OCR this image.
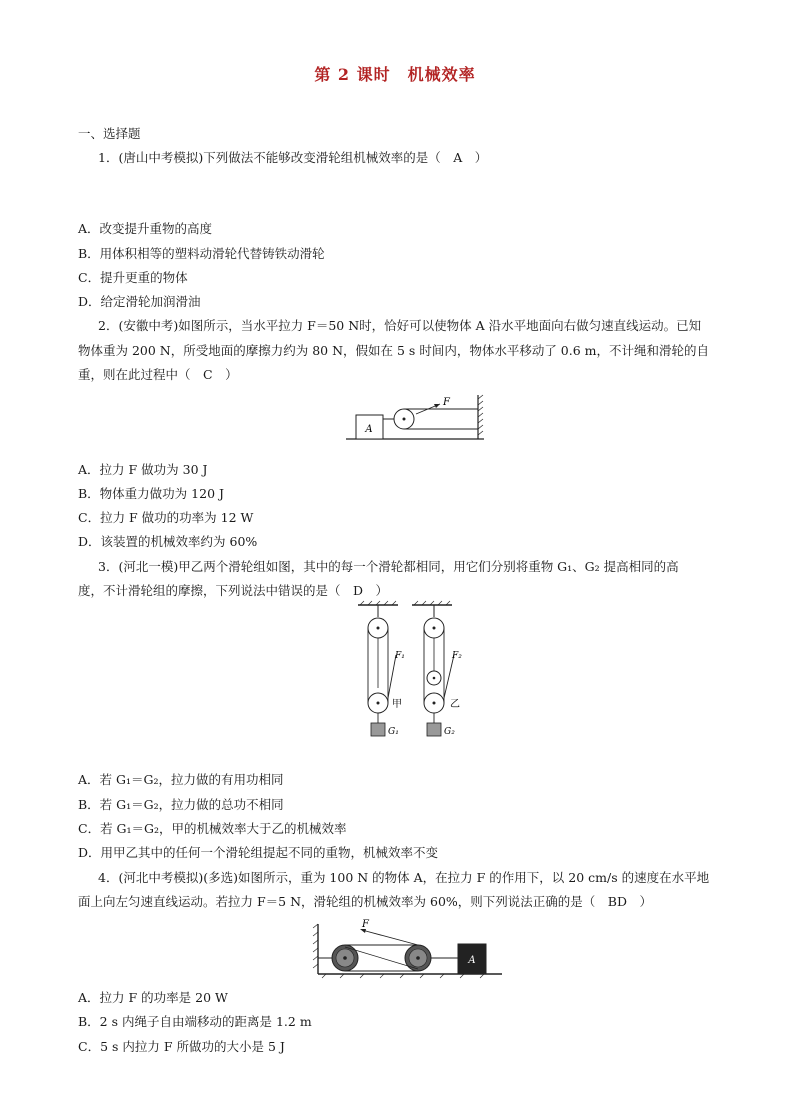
第 2 课时　机械效率
一、选择题
1．(唐山中考模拟)下列做法不能够改变滑轮组机械效率的是（　A　）
A．改变提升重物的高度
B．用体积相等的塑料动滑轮代替铸铁动滑轮
C．提升更重的物体
D．给定滑轮加润滑油
2．(安徽中考)如图所示，当水平拉力 F＝50 N时，恰好可以使物体 A 沿水平地面向右做匀速直线运动。已知
物体重为 200 N，所受地面的摩擦力约为 80 N，假如在 5 s 时间内，物体水平移动了 0.6 m，不计绳和滑轮的自
重，则在此过程中（　C　）
A
F
A．拉力 F 做功为 30 J
B．物体重力做功为 120 J
C．拉力 F 做功的功率为 12 W
D．该装置的机械效率约为 60%
3．(河北一模)甲乙两个滑轮组如图，其中的每一个滑轮都相同，用它们分别将重物 G₁、G₂ 提高相同的高
度，不计滑轮组的摩擦，下列说法中错误的是（　D　）
F₁
甲
G₁
F₂
乙
G₂
A．若 G₁＝G₂，拉力做的有用功相同
B．若 G₁＝G₂，拉力做的总功不相同
C．若 G₁＝G₂，甲的机械效率大于乙的机械效率
D．用甲乙其中的任何一个滑轮组提起不同的重物，机械效率不变
4．(河北中考模拟)(多选)如图所示，重为 100 N 的物体 A，在拉力 F 的作用下，以 20 cm/s 的速度在水平地
面上向左匀速直线运动。若拉力 F＝5 N，滑轮组的机械效率为 60%，则下列说法正确的是（　BD　）
A
F
A．拉力 F 的功率是 20 W
B．2 s 内绳子自由端移动的距离是 1.2 m
C．5 s 内拉力 F 所做功的大小是 5 J
